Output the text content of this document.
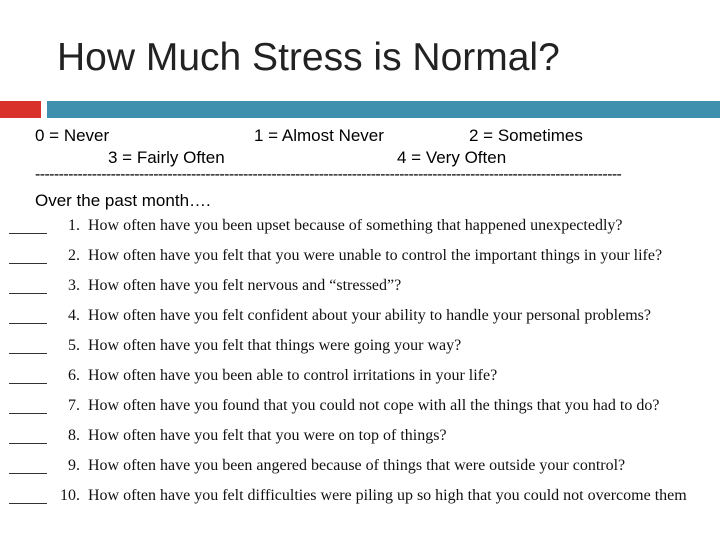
How Much Stress is Normal?
0 = Never	1 = Almost Never	2 = Sometimes
3 = Fairly Often	4 = Very Often
----------------------------------------------------------------------------------------------------------------------------
Over the past month….
1. How often have you been upset because of something that happened unexpectedly?
2. How often have you felt that you were unable to control the important things in your life?
3. How often have you felt nervous and “stressed”?
4. How often have you felt confident about your ability to handle your personal problems?
5. How often have you felt that things were going your way?
6. How often have you been able to control irritations in your life?
7. How often have you found that you could not cope with all the things that you had to do?
8. How often have you felt that you were on top of things?
9. How often have you been angered because of things that were outside your control?
10. How often have you felt difficulties were piling up so high that you could not overcome them
